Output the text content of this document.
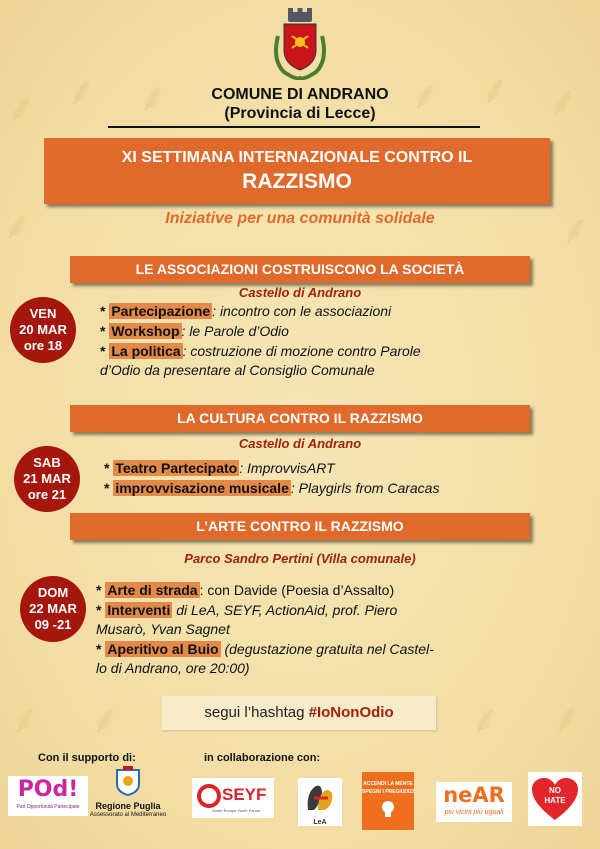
⸙ ⸙ ⸙	⸙ ⸙ ⸙
⸙	⸙
⸙ ⸙	⸙ ⸙
COMUNE DI ANDRANO
(Provincia di Lecce)
XI SETTIMANA INTERNAZIONALE CONTRO IL
RAZZISMO
Iniziative per una comunità solidale
LE ASSOCIAZIONI COSTRUISCONO LA SOCIETÀ
Castello di Andrano
VEN
20 MAR
ore 18
* Partecipazione : incontro con le associazioni
* Workshop : le Parole d’Odio
* La politica : costruzione di mozione contro Parole
d’Odio da presentare al Consiglio Comunale
LA CULTURA CONTRO IL RAZZISMO
Castello di Andrano
SAB
21 MAR
ore 21
* Teatro Partecipato : ImprovvisART
* improvvisazione musicale : Playgirls from Caracas
L’ARTE CONTRO IL RAZZISMO
Parco Sandro Pertini (Villa comunale)
DOM
22 MAR
09 -21
* Arte di strada : con Davide (Poesia d’Assalto)
* Interventi di LeA, SEYF, ActionAid, prof. Piero
Musarò, Yvan Sagnet
* Aperitivo al Buio (degustazione gratuita nel Castel-
lo di Andrano, ore 20:00)
segui l’hashtag #IoNonOdio
Con il supporto di:	in collaborazione con:
POd!
Pari Opportunità Partecipate	Regione Puglia
Assessorato al Mediterraneo
SEYF
South Europe Youth Forum
LeA
ACCENDI LA MENTE
SPEGNI I PREGIUDIZI	neAR
più vicini più uguali
NO
HATE
